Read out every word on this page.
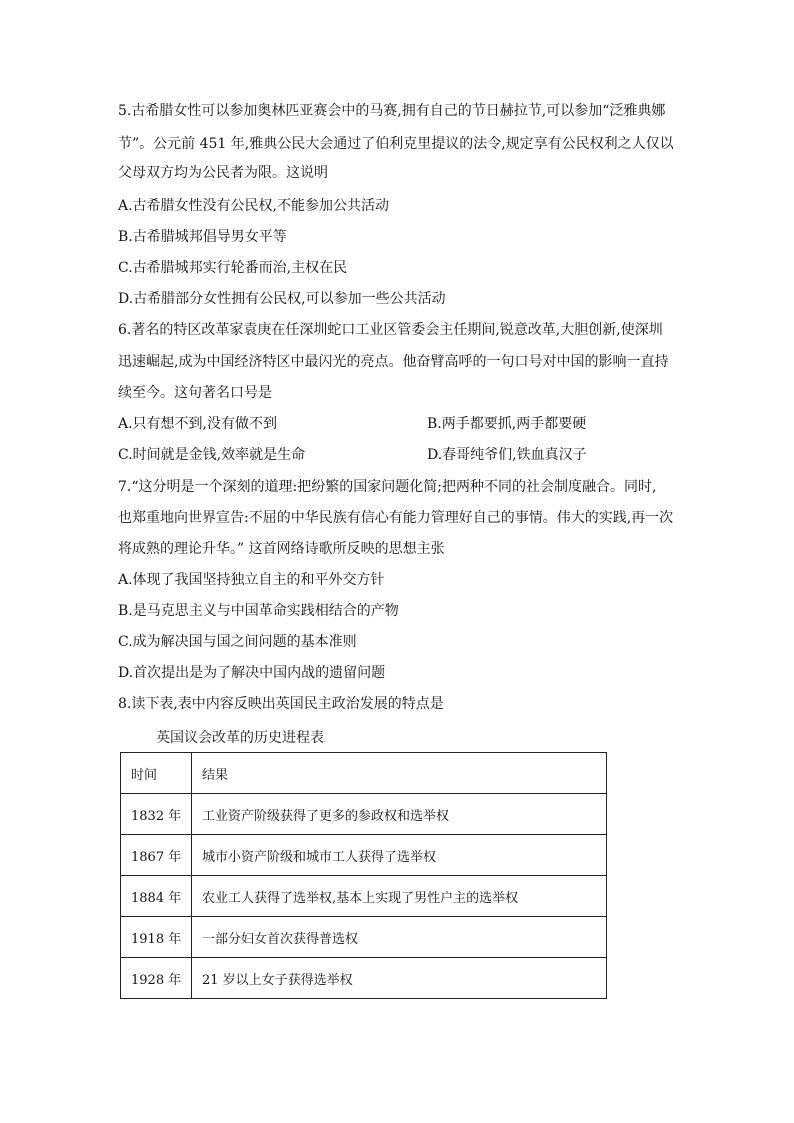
5.古希腊女性可以参加奥林匹亚赛会中的马赛,拥有自己的节日赫拉节,可以参加“泛雅典娜
节”。公元前 451 年,雅典公民大会通过了伯利克里提议的法令,规定享有公民权利之人仅以
父母双方均为公民者为限。这说明
A.古希腊女性没有公民权,不能参加公共活动
B.古希腊城邦倡导男女平等
C.古希腊城邦实行轮番而治,主权在民
D.古希腊部分女性拥有公民权,可以参加一些公共活动
6.著名的特区改革家袁庚在任深圳蛇口工业区管委会主任期间,锐意改革,大胆创新,使深圳
迅速崛起,成为中国经济特区中最闪光的亮点。他奋臂高呼的一句口号对中国的影响一直持
续至今。这句著名口号是
A.只有想不到,没有做不到	B.两手都要抓,两手都要硬
C.时间就是金钱,效率就是生命	D.春哥纯爷们,铁血真汉子
7.“这分明是一个深刻的道理:把纷繁的国家问题化简;把两种不同的社会制度融合。同时,
也郑重地向世界宣告:不屈的中华民族有信心有能力管理好自己的事情。伟大的实践,再一次
将成熟的理论升华。” 这首网络诗歌所反映的思想主张
A.体现了我国坚持独立自主的和平外交方针
B.是马克思主义与中国革命实践相结合的产物
C.成为解决国与国之间问题的基本准则
D.首次提出是为了解决中国内战的遗留问题
8.读下表,表中内容反映出英国民主政治发展的特点是
英国议会改革的历史进程表
时间	结果
1832 年	工业资产阶级获得了更多的参政权和选举权
1867 年	城市小资产阶级和城市工人获得了选举权
1884 年	农业工人获得了选举权,基本上实现了男性户主的选举权
1918 年	一部分妇女首次获得普选权
1928 年	21 岁以上女子获得选举权
